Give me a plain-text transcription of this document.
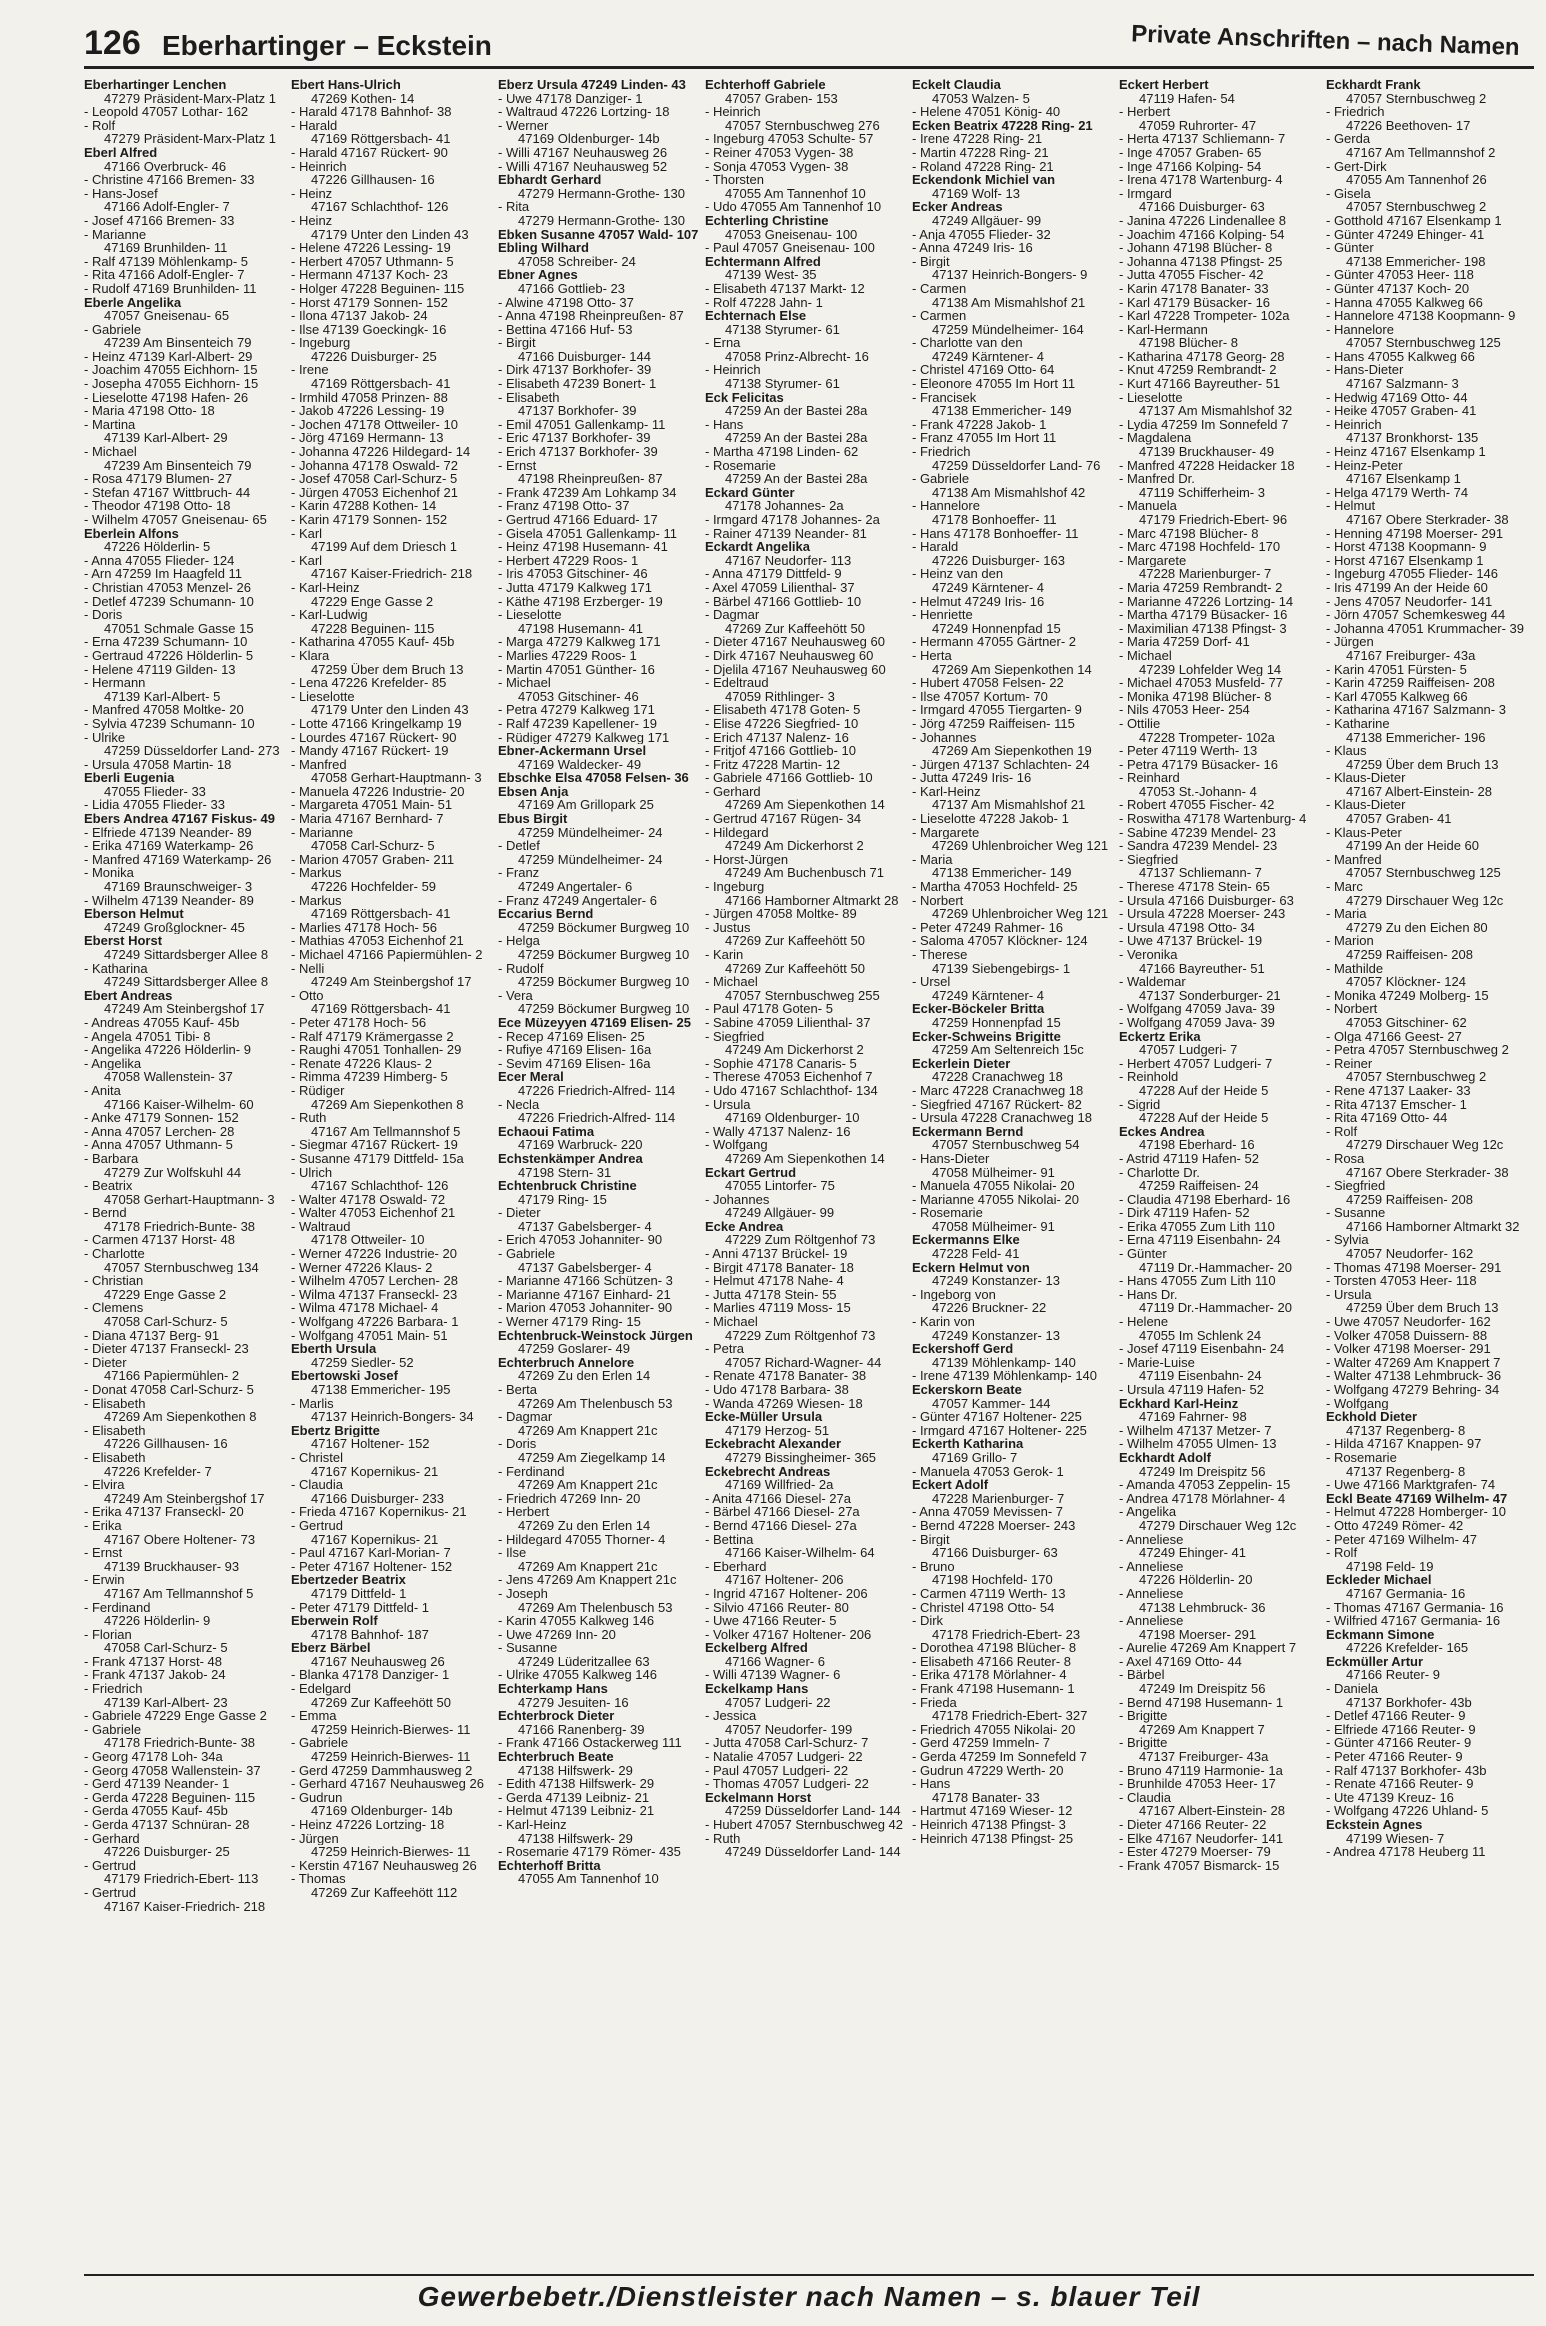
126 Eberhartinger – Eckstein	Private Anschriften – nach Namen
Eberhartinger Lenchen
47279 Präsident-Marx-Platz 1
- Leopold 47057 Lothar- 162
- Rolf
47279 Präsident-Marx-Platz 1
Eberl Alfred
47166 Overbruck- 46
- Christine 47166 Bremen- 33
- Hans-Josef
47166 Adolf-Engler- 7
- Josef 47166 Bremen- 33
- Marianne
47169 Brunhilden- 11
- Ralf 47139 Möhlenkamp- 5
- Rita 47166 Adolf-Engler- 7
- Rudolf 47169 Brunhilden- 11
Eberle Angelika
47057 Gneisenau- 65
- Gabriele
47239 Am Binsenteich 79
- Heinz 47139 Karl-Albert- 29
- Joachim 47055 Eichhorn- 15
- Josepha 47055 Eichhorn- 15
- Lieselotte 47198 Hafen- 26
- Maria 47198 Otto- 18
- Martina
47139 Karl-Albert- 29
- Michael
47239 Am Binsenteich 79
- Rosa 47179 Blumen- 27
- Stefan 47167 Wittbruch- 44
- Theodor 47198 Otto- 18
- Wilhelm 47057 Gneisenau- 65
Eberlein Alfons
47226 Hölderlin- 5
- Anna 47055 Flieder- 124
- Arn 47259 Im Haagfeld 11
- Christian 47053 Menzel- 26
- Detlef 47239 Schumann- 10
- Doris
47051 Schmale Gasse 15
- Erna 47239 Schumann- 10
- Gertraud 47226 Hölderlin- 5
- Helene 47119 Gilden- 13
- Hermann
47139 Karl-Albert- 5
- Manfred 47058 Moltke- 20
- Sylvia 47239 Schumann- 10
- Ulrike
47259 Düsseldorfer Land- 273
- Ursula 47058 Martin- 18
Eberli Eugenia
47055 Flieder- 33
- Lidia 47055 Flieder- 33
Ebers Andrea 47167 Fiskus- 49
- Elfriede 47139 Neander- 89
- Erika 47169 Waterkamp- 26
- Manfred 47169 Waterkamp- 26
- Monika
47169 Braunschweiger- 3
- Wilhelm 47139 Neander- 89
Eberson Helmut
47249 Großglockner- 45
Eberst Horst
47249 Sittardsberger Allee 8
- Katharina
47249 Sittardsberger Allee 8
Ebert Andreas
47249 Am Steinbergshof 17
- Andreas 47055 Kauf- 45b
- Angela 47051 Tibi- 8
- Angelika 47226 Hölderlin- 9
- Angelika
47058 Wallenstein- 37
- Anita
47166 Kaiser-Wilhelm- 60
- Anke 47179 Sonnen- 152
- Anna 47057 Lerchen- 28
- Anna 47057 Uthmann- 5
- Barbara
47279 Zur Wolfskuhl 44
- Beatrix
47058 Gerhart-Hauptmann- 3
- Bernd
47178 Friedrich-Bunte- 38
- Carmen 47137 Horst- 48
- Charlotte
47057 Sternbuschweg 134
- Christian
47229 Enge Gasse 2
- Clemens
47058 Carl-Schurz- 5
- Diana 47137 Berg- 91
- Dieter 47137 Franseckl- 23
- Dieter
47166 Papiermühlen- 2
- Donat 47058 Carl-Schurz- 5
- Elisabeth
47269 Am Siepenkothen 8
- Elisabeth
47226 Gillhausen- 16
- Elisabeth
47226 Krefelder- 7
- Elvira
47249 Am Steinbergshof 17
- Erika 47137 Franseckl- 20
- Erika
47167 Obere Holtener- 73
- Ernst
47139 Bruckhauser- 93
- Erwin
47167 Am Tellmannshof 5
- Ferdinand
47226 Hölderlin- 9
- Florian
47058 Carl-Schurz- 5
- Frank 47137 Horst- 48
- Frank 47137 Jakob- 24
- Friedrich
47139 Karl-Albert- 23
- Gabriele 47229 Enge Gasse 2
- Gabriele
47178 Friedrich-Bunte- 38
- Georg 47178 Loh- 34a
- Georg 47058 Wallenstein- 37
- Gerd 47139 Neander- 1
- Gerda 47228 Beguinen- 115
- Gerda 47055 Kauf- 45b
- Gerda 47137 Schnüran- 28
- Gerhard
47226 Duisburger- 25
- Gertrud
47179 Friedrich-Ebert- 113
- Gertrud
47167 Kaiser-Friedrich- 218
Ebert Hans-Ulrich
47269 Kothen- 14
- Harald 47178 Bahnhof- 38
- Harald
47169 Röttgersbach- 41
- Harald 47167 Rückert- 90
- Heinrich
47226 Gillhausen- 16
- Heinz
47167 Schlachthof- 126
- Heinz
47179 Unter den Linden 43
- Helene 47226 Lessing- 19
- Herbert 47057 Uthmann- 5
- Hermann 47137 Koch- 23
- Holger 47228 Beguinen- 115
- Horst 47179 Sonnen- 152
- Ilona 47137 Jakob- 24
- Ilse 47139 Goeckingk- 16
- Ingeburg
47226 Duisburger- 25
- Irene
47169 Röttgersbach- 41
- Irmhild 47058 Prinzen- 88
- Jakob 47226 Lessing- 19
- Jochen 47178 Ottweiler- 10
- Jörg 47169 Hermann- 13
- Johanna 47226 Hildegard- 14
- Johanna 47178 Oswald- 72
- Josef 47058 Carl-Schurz- 5
- Jürgen 47053 Eichenhof 21
- Karin 47288 Kothen- 14
- Karin 47179 Sonnen- 152
- Karl
47199 Auf dem Driesch 1
- Karl
47167 Kaiser-Friedrich- 218
- Karl-Heinz
47229 Enge Gasse 2
- Karl-Ludwig
47228 Beguinen- 115
- Katharina 47055 Kauf- 45b
- Klara
47259 Über dem Bruch 13
- Lena 47226 Krefelder- 85
- Lieselotte
47179 Unter den Linden 43
- Lotte 47166 Kringelkamp 19
- Lourdes 47167 Rückert- 90
- Mandy 47167 Rückert- 19
- Manfred
47058 Gerhart-Hauptmann- 3
- Manuela 47226 Industrie- 20
- Margareta 47051 Main- 51
- Maria 47167 Bernhard- 7
- Marianne
47058 Carl-Schurz- 5
- Marion 47057 Graben- 211
- Markus
47226 Hochfelder- 59
- Markus
47169 Röttgersbach- 41
- Marlies 47178 Hoch- 56
- Mathias 47053 Eichenhof 21
- Michael 47166 Papiermühlen- 2
- Nelli
47249 Am Steinbergshof 17
- Otto
47169 Röttgersbach- 41
- Peter 47178 Hoch- 56
- Ralf 47179 Krämergasse 2
- Raughi 47051 Tonhallen- 29
- Renate 47226 Klaus- 2
- Rimma 47239 Himberg- 5
- Rüdiger
47269 Am Siepenkothen 8
- Ruth
47167 Am Tellmannshof 5
- Siegmar 47167 Rückert- 19
- Susanne 47179 Dittfeld- 15a
- Ulrich
47167 Schlachthof- 126
- Walter 47178 Oswald- 72
- Walter 47053 Eichenhof 21
- Waltraud
47178 Ottweiler- 10
- Werner 47226 Industrie- 20
- Werner 47226 Klaus- 2
- Wilhelm 47057 Lerchen- 28
- Wilma 47137 Franseckl- 23
- Wilma 47178 Michael- 4
- Wolfgang 47226 Barbara- 1
- Wolfgang 47051 Main- 51
Eberth Ursula
47259 Siedler- 52
Ebertowski Josef
47138 Emmericher- 195
- Marlis
47137 Heinrich-Bongers- 34
Ebertz Brigitte
47167 Holtener- 152
- Christel
47167 Kopernikus- 21
- Claudia
47166 Duisburger- 233
- Frieda 47167 Kopernikus- 21
- Gertrud
47167 Kopernikus- 21
- Paul 47167 Karl-Morian- 7
- Peter 47167 Holtener- 152
Ebertzeder Beatrix
47179 Dittfeld- 1
- Peter 47179 Dittfeld- 1
Eberwein Rolf
47178 Bahnhof- 187
Eberz Bärbel
47167 Neuhausweg 26
- Blanka 47178 Danziger- 1
- Edelgard
47269 Zur Kaffeehött 50
- Emma
47259 Heinrich-Bierwes- 11
- Gabriele
47259 Heinrich-Bierwes- 11
- Gerd 47259 Dammhausweg 2
- Gerhard 47167 Neuhausweg 26
- Gudrun
47169 Oldenburger- 14b
- Heinz 47226 Lortzing- 18
- Jürgen
47259 Heinrich-Bierwes- 11
- Kerstin 47167 Neuhausweg 26
- Thomas
47269 Zur Kaffeehött 112
Eberz Ursula 47249 Linden- 43
- Uwe 47178 Danziger- 1
- Waltraud 47226 Lortzing- 18
- Werner
47169 Oldenburger- 14b
- Willi 47167 Neuhausweg 26
- Willi 47167 Neuhausweg 52
Ebhardt Gerhard
47279 Hermann-Grothe- 130
- Rita
47279 Hermann-Grothe- 130
Ebken Susanne 47057 Wald- 107
Ebling Wilhard
47058 Schreiber- 24
Ebner Agnes
47166 Gottlieb- 23
- Alwine 47198 Otto- 37
- Anna 47198 Rheinpreußen- 87
- Bettina 47166 Huf- 53
- Birgit
47166 Duisburger- 144
- Dirk 47137 Borkhofer- 39
- Elisabeth 47239 Bonert- 1
- Elisabeth
47137 Borkhofer- 39
- Emil 47051 Gallenkamp- 11
- Eric 47137 Borkhofer- 39
- Erich 47137 Borkhofer- 39
- Ernst
47198 Rheinpreußen- 87
- Frank 47239 Am Lohkamp 34
- Franz 47198 Otto- 37
- Gertrud 47166 Eduard- 17
- Gisela 47051 Gallenkamp- 11
- Heinz 47198 Husemann- 41
- Herbert 47229 Roos- 1
- Iris 47053 Gitschiner- 46
- Jutta 47179 Kalkweg 171
- Käthe 47198 Erzberger- 19
- Lieselotte
47198 Husemann- 41
- Marga 47279 Kalkweg 171
- Marlies 47229 Roos- 1
- Martin 47051 Günther- 16
- Michael
47053 Gitschiner- 46
- Petra 47279 Kalkweg 171
- Ralf 47239 Kapellener- 19
- Rüdiger 47279 Kalkweg 171
Ebner-Ackermann Ursel
47169 Waldecker- 49
Ebschke Elsa 47058 Felsen- 36
Ebsen Anja
47169 Am Grillopark 25
Ebus Birgit
47259 Mündelheimer- 24
- Detlef
47259 Mündelheimer- 24
- Franz
47249 Angertaler- 6
- Franz 47249 Angertaler- 6
Eccarius Bernd
47259 Böckumer Burgweg 10
- Helga
47259 Böckumer Burgweg 10
- Rudolf
47259 Böckumer Burgweg 10
- Vera
47259 Böckumer Burgweg 10
Ece Müzeyyen 47169 Elisen- 25
- Recep 47169 Elisen- 25
- Rufiye 47169 Elisen- 16a
- Sevim 47169 Elisen- 16a
Ecer Meral
47226 Friedrich-Alfred- 114
- Necla
47226 Friedrich-Alfred- 114
Echaoui Fatima
47169 Warbruck- 220
Echstenkämper Andrea
47198 Stern- 31
Echtenbruck Christine
47179 Ring- 15
- Dieter
47137 Gabelsberger- 4
- Erich 47053 Johanniter- 90
- Gabriele
47137 Gabelsberger- 4
- Marianne 47166 Schützen- 3
- Marianne 47167 Einhard- 21
- Marion 47053 Johanniter- 90
- Werner 47179 Ring- 15
Echtenbruck-Weinstock Jürgen
47259 Goslarer- 49
Echterbruch Annelore
47269 Zu den Erlen 14
- Berta
47269 Am Thelenbusch 53
- Dagmar
47269 Am Knappert 21c
- Doris
47259 Am Ziegelkamp 14
- Ferdinand
47269 Am Knappert 21c
- Friedrich 47269 Inn- 20
- Herbert
47269 Zu den Erlen 14
- Hildegard 47055 Thorner- 4
- Ilse
47269 Am Knappert 21c
- Jens 47269 Am Knappert 21c
- Joseph
47269 Am Thelenbusch 53
- Karin 47055 Kalkweg 146
- Uwe 47269 Inn- 20
- Susanne
47249 Lüderitzallee 63
- Ulrike 47055 Kalkweg 146
Echterkamp Hans
47279 Jesuiten- 16
Echterbrock Dieter
47166 Ranenberg- 39
- Frank 47166 Ostackerweg 111
Echterbruch Beate
47138 Hilfswerk- 29
- Edith 47138 Hilfswerk- 29
- Gerda 47139 Leibniz- 21
- Helmut 47139 Leibniz- 21
- Karl-Heinz
47138 Hilfswerk- 29
- Rosemarie 47179 Römer- 435
Echterhoff Britta
47055 Am Tannenhof 10
Echterhoff Gabriele
47057 Graben- 153
- Heinrich
47057 Sternbuschweg 276
- Ingeburg 47053 Schulte- 57
- Reiner 47053 Vygen- 38
- Sonja 47053 Vygen- 38
- Thorsten
47055 Am Tannenhof 10
- Udo 47055 Am Tannenhof 10
Echterling Christine
47053 Gneisenau- 100
- Paul 47057 Gneisenau- 100
Echtermann Alfred
47139 West- 35
- Elisabeth 47137 Markt- 12
- Rolf 47228 Jahn- 1
Echternach Else
47138 Styrumer- 61
- Erna
47058 Prinz-Albrecht- 16
- Heinrich
47138 Styrumer- 61
Eck Felicitas
47259 An der Bastei 28a
- Hans
47259 An der Bastei 28a
- Martha 47198 Linden- 62
- Rosemarie
47259 An der Bastei 28a
Eckard Günter
47178 Johannes- 2a
- Irmgard 47178 Johannes- 2a
- Rainer 47139 Neander- 81
Eckardt Angelika
47167 Neudorfer- 113
- Anna 47179 Dittfeld- 9
- Axel 47059 Lilienthal- 37
- Bärbel 47166 Gottlieb- 10
- Dagmar
47269 Zur Kaffeehött 50
- Dieter 47167 Neuhausweg 60
- Dirk 47167 Neuhausweg 60
- Djelila 47167 Neuhausweg 60
- Edeltraud
47059 Rithlinger- 3
- Elisabeth 47178 Goten- 5
- Elise 47226 Siegfried- 10
- Erich 47137 Nalenz- 16
- Fritjof 47166 Gottlieb- 10
- Fritz 47228 Martin- 12
- Gabriele 47166 Gottlieb- 10
- Gerhard
47269 Am Siepenkothen 14
- Gertrud 47167 Rügen- 34
- Hildegard
47249 Am Dickerhorst 2
- Horst-Jürgen
47249 Am Buchenbusch 71
- Ingeburg
47166 Hamborner Altmarkt 28
- Jürgen 47058 Moltke- 89
- Justus
47269 Zur Kaffeehött 50
- Karin
47269 Zur Kaffeehött 50
- Michael
47057 Sternbuschweg 255
- Paul 47178 Goten- 5
- Sabine 47059 Lilienthal- 37
- Siegfried
47249 Am Dickerhorst 2
- Sophie 47178 Canaris- 5
- Therese 47053 Eichenhof 7
- Udo 47167 Schlachthof- 134
- Ursula
47169 Oldenburger- 10
- Wally 47137 Nalenz- 16
- Wolfgang
47269 Am Siepenkothen 14
Eckart Gertrud
47055 Lintorfer- 75
- Johannes
47249 Allgäuer- 99
Ecke Andrea
47229 Zum Röltgenhof 73
- Anni 47137 Brückel- 19
- Birgit 47178 Banater- 18
- Helmut 47178 Nahe- 4
- Jutta 47178 Stein- 55
- Marlies 47119 Moss- 15
- Michael
47229 Zum Röltgenhof 73
- Petra
47057 Richard-Wagner- 44
- Renate 47178 Banater- 38
- Udo 47178 Barbara- 38
- Wanda 47269 Wiesen- 18
Ecke-Müller Ursula
47179 Herzog- 51
Eckebracht Alexander
47279 Bissingheimer- 365
Eckebrecht Andreas
47169 Willfried- 2a
- Anita 47166 Diesel- 27a
- Bärbel 47166 Diesel- 27a
- Bernd 47166 Diesel- 27a
- Bettina
47166 Kaiser-Wilhelm- 64
- Eberhard
47167 Holtener- 206
- Ingrid 47167 Holtener- 206
- Silvio 47166 Reuter- 80
- Uwe 47166 Reuter- 5
- Volker 47167 Holtener- 206
Eckelberg Alfred
47166 Wagner- 6
- Willi 47139 Wagner- 6
Eckelkamp Hans
47057 Ludgeri- 22
- Jessica
47057 Neudorfer- 199
- Jutta 47058 Carl-Schurz- 7
- Natalie 47057 Ludgeri- 22
- Paul 47057 Ludgeri- 22
- Thomas 47057 Ludgeri- 22
Eckelmann Horst
47259 Düsseldorfer Land- 144
- Hubert 47057 Sternbuschweg 42
- Ruth
47249 Düsseldorfer Land- 144
Eckelt Claudia
47053 Walzen- 5
- Helene 47051 König- 40
Ecken Beatrix 47228 Ring- 21
- Irene 47228 Ring- 21
- Martin 47228 Ring- 21
- Roland 47228 Ring- 21
Eckendonk Michiel van
47169 Wolf- 13
Ecker Andreas
47249 Allgäuer- 99
- Anja 47055 Flieder- 32
- Anna 47249 Iris- 16
- Birgit
47137 Heinrich-Bongers- 9
- Carmen
47138 Am Mismahlshof 21
- Carmen
47259 Mündelheimer- 164
- Charlotte van den
47249 Kärntener- 4
- Christel 47169 Otto- 64
- Eleonore 47055 Im Hort 11
- Francisek
47138 Emmericher- 149
- Frank 47228 Jakob- 1
- Franz 47055 Im Hort 11
- Friedrich
47259 Düsseldorfer Land- 76
- Gabriele
47138 Am Mismahlshof 42
- Hannelore
47178 Bonhoeffer- 11
- Hans 47178 Bonhoeffer- 11
- Harald
47226 Duisburger- 163
- Heinz van den
47249 Kärntener- 4
- Helmut 47249 Iris- 16
- Henriette
47249 Honnenpfad 15
- Hermann 47055 Gärtner- 2
- Herta
47269 Am Siepenkothen 14
- Hubert 47058 Felsen- 22
- Ilse 47057 Kortum- 70
- Irmgard 47055 Tiergarten- 9
- Jörg 47259 Raiffeisen- 115
- Johannes
47269 Am Siepenkothen 19
- Jürgen 47137 Schlachten- 24
- Jutta 47249 Iris- 16
- Karl-Heinz
47137 Am Mismahlshof 21
- Lieselotte 47228 Jakob- 1
- Margarete
47269 Uhlenbroicher Weg 121
- Maria
47138 Emmericher- 149
- Martha 47053 Hochfeld- 25
- Norbert
47269 Uhlenbroicher Weg 121
- Peter 47249 Rahmer- 16
- Saloma 47057 Klöckner- 124
- Therese
47139 Siebengebirgs- 1
- Ursel
47249 Kärntener- 4
Ecker-Böckeler Britta
47259 Honnenpfad 15
Ecker-Schweins Brigitte
47259 Am Seltenreich 15c
Eckerlein Dieter
47228 Cranachweg 18
- Marc 47228 Cranachweg 18
- Siegfried 47167 Rückert- 82
- Ursula 47228 Cranachweg 18
Eckermann Bernd
47057 Sternbuschweg 54
- Hans-Dieter
47058 Mülheimer- 91
- Manuela 47055 Nikolai- 20
- Marianne 47055 Nikolai- 20
- Rosemarie
47058 Mülheimer- 91
Eckermanns Elke
47228 Feld- 41
Eckern Helmut von
47249 Konstanzer- 13
- Ingeborg von
47226 Bruckner- 22
- Karin von
47249 Konstanzer- 13
Eckershoff Gerd
47139 Möhlenkamp- 140
- Irene 47139 Möhlenkamp- 140
Eckerskorn Beate
47057 Kammer- 144
- Günter 47167 Holtener- 225
- Irmgard 47167 Holtener- 225
Eckerth Katharina
47169 Grillo- 7
- Manuela 47053 Gerok- 1
Eckert Adolf
47228 Marienburger- 7
- Anna 47059 Mevissen- 7
- Bernd 47228 Moerser- 243
- Birgit
47166 Duisburger- 63
- Bruno
47198 Hochfeld- 170
- Carmen 47119 Werth- 13
- Christel 47198 Otto- 54
- Dirk
47178 Friedrich-Ebert- 23
- Dorothea 47198 Blücher- 8
- Elisabeth 47166 Reuter- 8
- Erika 47178 Mörlahner- 4
- Frank 47198 Husemann- 1
- Frieda
47178 Friedrich-Ebert- 327
- Friedrich 47055 Nikolai- 20
- Gerd 47259 Immeln- 7
- Gerda 47259 Im Sonnefeld 7
- Gudrun 47229 Werth- 20
- Hans
47178 Banater- 33
- Hartmut 47169 Wieser- 12
- Heinrich 47138 Pfingst- 3
- Heinrich 47138 Pfingst- 25
Eckert Herbert
47119 Hafen- 54
- Herbert
47059 Ruhrorter- 47
- Herta 47137 Schliemann- 7
- Inge 47057 Graben- 65
- Inge 47166 Kolping- 54
- Irena 47178 Wartenburg- 4
- Irmgard
47166 Duisburger- 63
- Janina 47226 Lindenallee 8
- Joachim 47166 Kolping- 54
- Johann 47198 Blücher- 8
- Johanna 47138 Pfingst- 25
- Jutta 47055 Fischer- 42
- Karin 47178 Banater- 33
- Karl 47179 Büsacker- 16
- Karl 47228 Trompeter- 102a
- Karl-Hermann
47198 Blücher- 8
- Katharina 47178 Georg- 28
- Knut 47259 Rembrandt- 2
- Kurt 47166 Bayreuther- 51
- Lieselotte
47137 Am Mismahlshof 32
- Lydia 47259 Im Sonnefeld 7
- Magdalena
47139 Bruckhauser- 49
- Manfred 47228 Heidacker 18
- Manfred Dr.
47119 Schifferheim- 3
- Manuela
47179 Friedrich-Ebert- 96
- Marc 47198 Blücher- 8
- Marc 47198 Hochfeld- 170
- Margarete
47228 Marienburger- 7
- Maria 47259 Rembrandt- 2
- Marianne 47226 Lortzing- 14
- Martha 47179 Büsacker- 16
- Maximilian 47138 Pfingst- 3
- Maria 47259 Dorf- 41
- Michael
47239 Lohfelder Weg 14
- Michael 47053 Musfeld- 77
- Monika 47198 Blücher- 8
- Nils 47053 Heer- 254
- Ottilie
47228 Trompeter- 102a
- Peter 47119 Werth- 13
- Petra 47179 Büsacker- 16
- Reinhard
47053 St.-Johann- 4
- Robert 47055 Fischer- 42
- Roswitha 47178 Wartenburg- 4
- Sabine 47239 Mendel- 23
- Sandra 47239 Mendel- 23
- Siegfried
47137 Schliemann- 7
- Therese 47178 Stein- 65
- Ursula 47166 Duisburger- 63
- Ursula 47228 Moerser- 243
- Ursula 47198 Otto- 34
- Uwe 47137 Brückel- 19
- Veronika
47166 Bayreuther- 51
- Waldemar
47137 Sonderburger- 21
- Wolfgang 47059 Java- 39
- Wolfgang 47059 Java- 39
Eckertz Erika
47057 Ludgeri- 7
- Herbert 47057 Ludgeri- 7
- Reinhold
47228 Auf der Heide 5
- Sigrid
47228 Auf der Heide 5
Eckes Andrea
47198 Eberhard- 16
- Astrid 47119 Hafen- 52
- Charlotte Dr.
47259 Raiffeisen- 24
- Claudia 47198 Eberhard- 16
- Dirk 47119 Hafen- 52
- Erika 47055 Zum Lith 110
- Erna 47119 Eisenbahn- 24
- Günter
47119 Dr.-Hammacher- 20
- Hans 47055 Zum Lith 110
- Hans Dr.
47119 Dr.-Hammacher- 20
- Helene
47055 Im Schlenk 24
- Josef 47119 Eisenbahn- 24
- Marie-Luise
47119 Eisenbahn- 24
- Ursula 47119 Hafen- 52
Eckhard Karl-Heinz
47169 Fahrner- 98
- Wilhelm 47137 Metzer- 7
- Wilhelm 47055 Ulmen- 13
Eckhardt Adolf
47249 Im Dreispitz 56
- Amanda 47053 Zeppelin- 15
- Andrea 47178 Mörlahner- 4
- Angelika
47279 Dirschauer Weg 12c
- Anneliese
47249 Ehinger- 41
- Anneliese
47226 Hölderlin- 20
- Anneliese
47138 Lehmbruck- 36
- Anneliese
47198 Moerser- 291
- Aurelie 47269 Am Knappert 7
- Axel 47169 Otto- 44
- Bärbel
47249 Im Dreispitz 56
- Bernd 47198 Husemann- 1
- Brigitte
47269 Am Knappert 7
- Brigitte
47137 Freiburger- 43a
- Bruno 47119 Harmonie- 1a
- Brunhilde 47053 Heer- 17
- Claudia
47167 Albert-Einstein- 28
- Dieter 47166 Reuter- 22
- Elke 47167 Neudorfer- 141
- Ester 47279 Moerser- 79
- Frank 47057 Bismarck- 15
Eckhardt Frank
47057 Sternbuschweg 2
- Friedrich
47226 Beethoven- 17
- Gerda
47167 Am Tellmannshof 2
- Gert-Dirk
47055 Am Tannenhof 26
- Gisela
47057 Sternbuschweg 2
- Gotthold 47167 Elsenkamp 1
- Günter 47249 Ehinger- 41
- Günter
47138 Emmericher- 198
- Günter 47053 Heer- 118
- Günter 47137 Koch- 20
- Hanna 47055 Kalkweg 66
- Hannelore 47138 Koopmann- 9
- Hannelore
47057 Sternbuschweg 125
- Hans 47055 Kalkweg 66
- Hans-Dieter
47167 Salzmann- 3
- Hedwig 47169 Otto- 44
- Heike 47057 Graben- 41
- Heinrich
47137 Bronkhorst- 135
- Heinz 47167 Elsenkamp 1
- Heinz-Peter
47167 Elsenkamp 1
- Helga 47179 Werth- 74
- Helmut
47167 Obere Sterkrader- 38
- Henning 47198 Moerser- 291
- Horst 47138 Koopmann- 9
- Horst 47167 Elsenkamp 1
- Ingeburg 47055 Flieder- 146
- Iris 47199 An der Heide 60
- Jens 47057 Neudorfer- 141
- Jörn 47057 Schemkesweg 44
- Johanna 47051 Krummacher- 39
- Jürgen
47167 Freiburger- 43a
- Karin 47051 Fürsten- 5
- Karin 47259 Raiffeisen- 208
- Karl 47055 Kalkweg 66
- Katharina 47167 Salzmann- 3
- Katharine
47138 Emmericher- 196
- Klaus
47259 Über dem Bruch 13
- Klaus-Dieter
47167 Albert-Einstein- 28
- Klaus-Dieter
47057 Graben- 41
- Klaus-Peter
47199 An der Heide 60
- Manfred
47057 Sternbuschweg 125
- Marc
47279 Dirschauer Weg 12c
- Maria
47279 Zu den Eichen 80
- Marion
47259 Raiffeisen- 208
- Mathilde
47057 Klöckner- 124
- Monika 47249 Molberg- 15
- Norbert
47053 Gitschiner- 62
- Olga 47166 Geest- 27
- Petra 47057 Sternbuschweg 2
- Reiner
47057 Sternbuschweg 2
- Rene 47137 Laaker- 33
- Rita 47137 Emscher- 1
- Rita 47169 Otto- 44
- Rolf
47279 Dirschauer Weg 12c
- Rosa
47167 Obere Sterkrader- 38
- Siegfried
47259 Raiffeisen- 208
- Susanne
47166 Hamborner Altmarkt 32
- Sylvia
47057 Neudorfer- 162
- Thomas 47198 Moerser- 291
- Torsten 47053 Heer- 118
- Ursula
47259 Über dem Bruch 13
- Uwe 47057 Neudorfer- 162
- Volker 47058 Duissern- 88
- Volker 47198 Moerser- 291
- Walter 47269 Am Knappert 7
- Walter 47138 Lehmbruck- 36
- Wolfgang 47279 Behring- 34
- Wolfgang
Eckhold Dieter
47137 Regenberg- 8
- Hilda 47167 Knappen- 97
- Rosemarie
47137 Regenberg- 8
- Uwe 47166 Marktgrafen- 74
Eckl Beate 47169 Wilhelm- 47
- Helmut 47228 Homberger- 10
- Otto 47249 Römer- 42
- Peter 47169 Wilhelm- 47
- Rolf
47198 Feld- 19
Eckleder Michael
47167 Germania- 16
- Thomas 47167 Germania- 16
- Wilfried 47167 Germania- 16
Eckmann Simone
47226 Krefelder- 165
Eckmüller Artur
47166 Reuter- 9
- Daniela
47137 Borkhofer- 43b
- Detlef 47166 Reuter- 9
- Elfriede 47166 Reuter- 9
- Günter 47166 Reuter- 9
- Peter 47166 Reuter- 9
- Ralf 47137 Borkhofer- 43b
- Renate 47166 Reuter- 9
- Ute 47139 Kreuz- 16
- Wolfgang 47226 Uhland- 5
Eckstein Agnes
47199 Wiesen- 7
- Andrea 47178 Heuberg 11
Gewerbebetr./Dienstleister nach Namen – s. blauer Teil
